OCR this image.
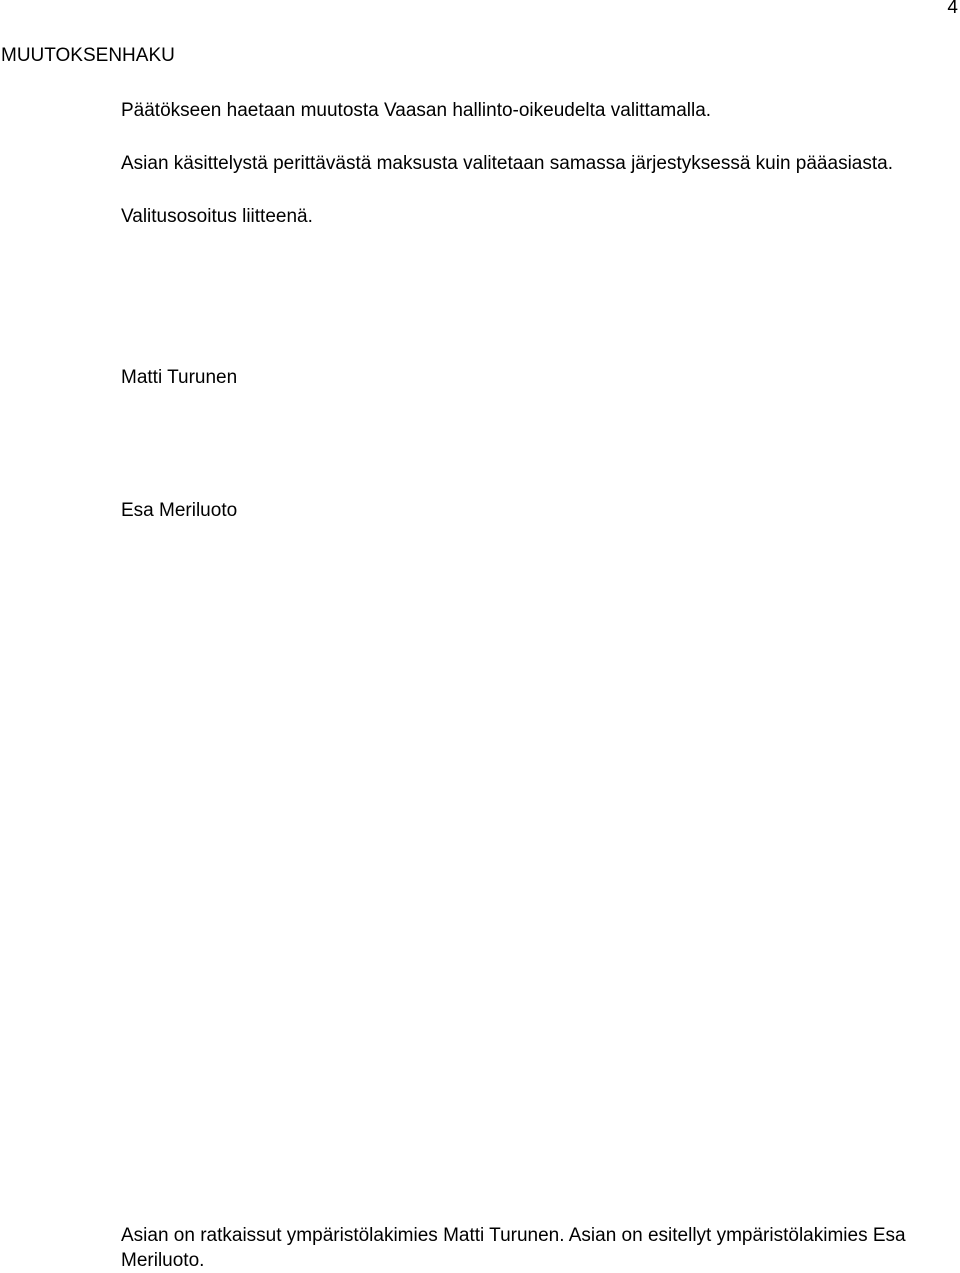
4
MUUTOKSENHAKU
Päätökseen haetaan muutosta Vaasan hallinto-oikeudelta valittamalla.
Asian käsittelystä perittävästä maksusta valitetaan samassa järjestyksessä kuin pääasiasta.
Valitusosoitus liitteenä.
Matti Turunen
Esa Meriluoto
Asian on ratkaissut ympäristölakimies Matti Turunen. Asian on esitellyt ympäristölakimies Esa Meriluoto.
